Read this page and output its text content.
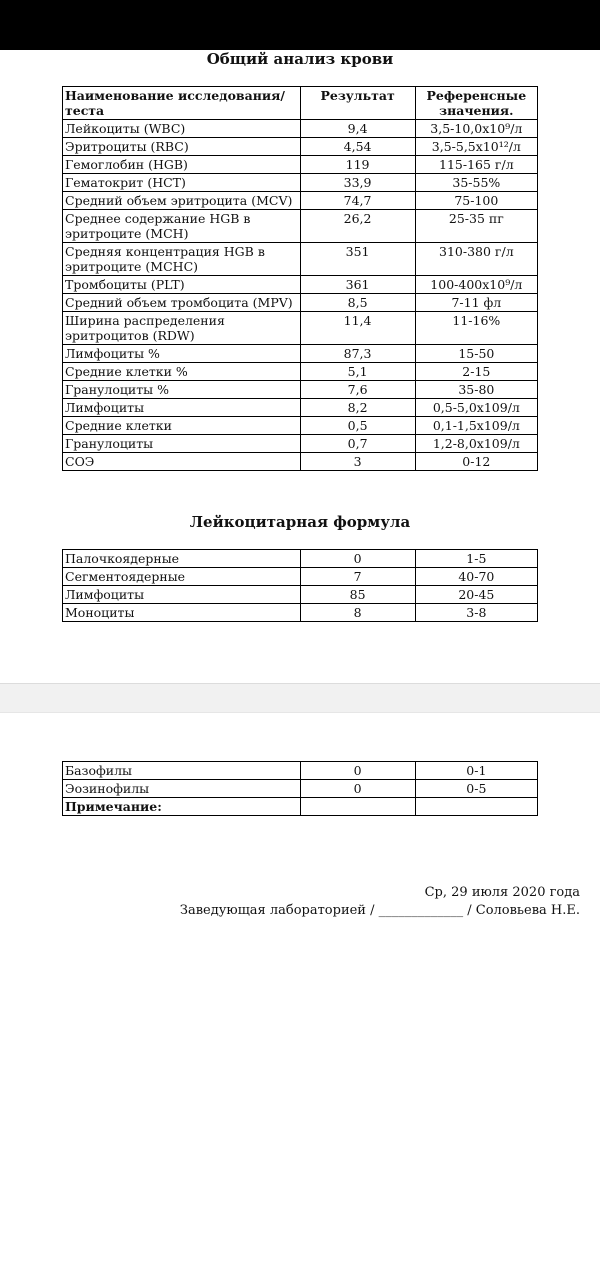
Общий анализ крови
Наименование исследования/теста	Результат	Референсные значения.
Лейкоциты (WBC)	9,4	3,5-10,0х10⁹/л
Эритроциты (RBC)	4,54	3,5-5,5х10¹²/л
Гемоглобин (HGB)	119	115-165 г/л
Гематокрит (HCT)	33,9	35-55%
Средний объем эритроцита (MCV)	74,7	75-100
Среднее содержание HGB в эритроците (MCH)	26,2	25-35 пг
Средняя концентрация HGB в эритроците (MCHC)	351	310-380 г/л
Тромбоциты (PLT)	361	100-400х10⁹/л
Средний объем тромбоцита (MPV)	8,5	7-11 фл
Ширина распределения эритроцитов (RDW)	11,4	11-16%
Лимфоциты %	87,3	15-50
Средние клетки %	5,1	2-15
Гранулоциты %	7,6	35-80
Лимфоциты	8,2	0,5-5,0х109/л
Средние клетки	0,5	0,1-1,5х109/л
Гранулоциты	0,7	1,2-8,0х109/л
СОЭ	3	0-12
Лейкоцитарная формула
Палочкоядерные	0	1-5
Сегментоядерные	7	40-70
Лимфоциты	85	20-45
Моноциты	8	3-8
Базофилы	0	0-1
Эозинофилы	0	0-5
Примечание:		
Ср, 29 июля 2020 года
Заведующая лабораторией / _____________ / Соловьева Н.Е.
